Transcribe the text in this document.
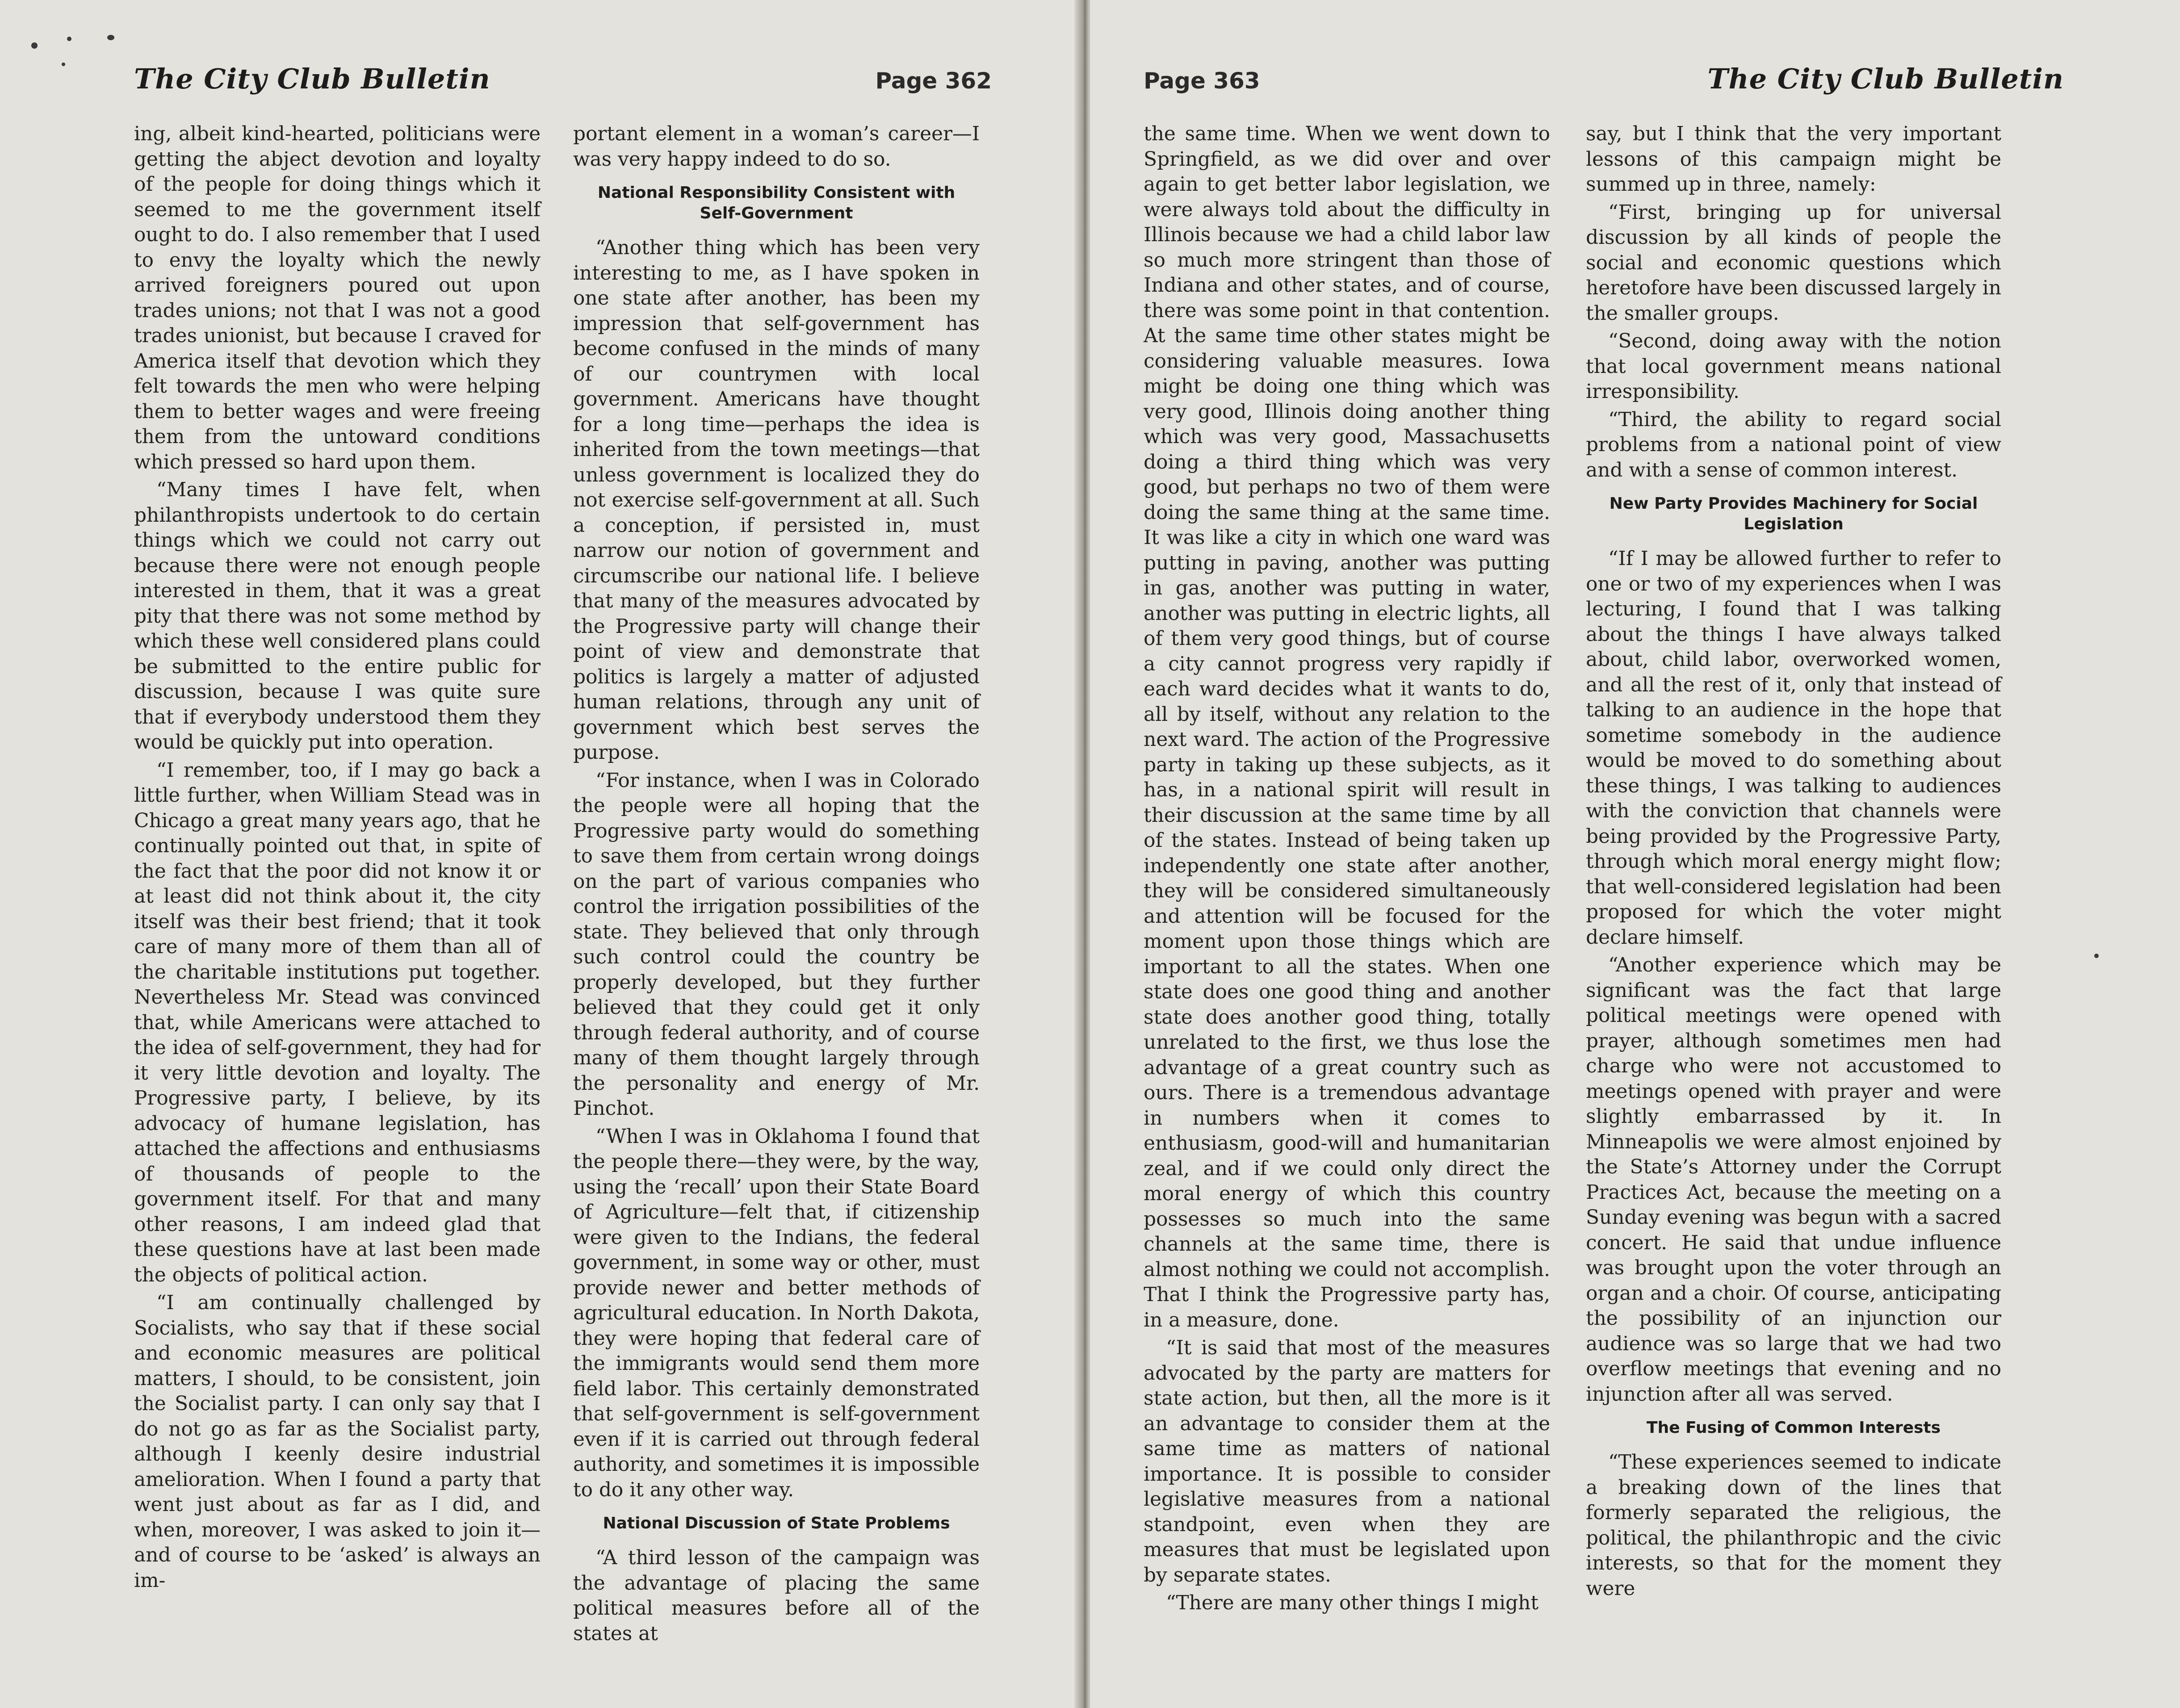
The City Club Bulletin	Page 362

ing, albeit kind-hearted, politicians were getting the abject devotion and loyalty of the people for doing things which it seemed to me the government itself ought to do. I also remember that I used to envy the loyalty which the newly arrived foreigners poured out upon trades unions; not that I was not a good trades unionist, but because I craved for America itself that devotion which they felt towards the men who were helping them to better wages and were freeing them from the untoward conditions which pressed so hard upon them.

“Many times I have felt, when philanthropists undertook to do certain things which we could not carry out because there were not enough people interested in them, that it was a great pity that there was not some method by which these well considered plans could be submitted to the entire public for discussion, because I was quite sure that if everybody understood them they would be quickly put into operation.

“I remember, too, if I may go back a little further, when William Stead was in Chicago a great many years ago, that he continually pointed out that, in spite of the fact that the poor did not know it or at least did not think about it, the city itself was their best friend; that it took care of many more of them than all of the charitable institutions put together. Nevertheless Mr. Stead was convinced that, while Americans were attached to the idea of self-government, they had for it very little devotion and loyalty. The Progressive party, I believe, by its advocacy of humane legislation, has attached the affections and enthusiasms of thousands of people to the government itself. For that and many other reasons, I am indeed glad that these questions have at last been made the objects of political action.

“I am continually challenged by Socialists, who say that if these social and economic measures are political matters, I should, to be consistent, join the Socialist party. I can only say that I do not go as far as the Socialist party, although I keenly desire industrial amelioration. When I found a party that went just about as far as I did, and when, moreover, I was asked to join it—and of course to be ‘asked’ is always an im-

portant element in a woman’s career—I was very happy indeed to do so.

National Responsibility Consistent with Self-Government

“Another thing which has been very interesting to me, as I have spoken in one state after another, has been my impression that self-government has become confused in the minds of many of our countrymen with local government. Americans have thought for a long time—perhaps the idea is inherited from the town meetings—that unless government is localized they do not exercise self-government at all. Such a conception, if persisted in, must narrow our notion of government and circumscribe our national life. I believe that many of the measures advocated by the Progressive party will change their point of view and demonstrate that politics is largely a matter of adjusted human relations, through any unit of government which best serves the purpose.

“For instance, when I was in Colorado the people were all hoping that the Progressive party would do something to save them from certain wrong doings on the part of various companies who control the irrigation possibilities of the state. They believed that only through such control could the country be properly developed, but they further believed that they could get it only through federal authority, and of course many of them thought largely through the personality and energy of Mr. Pinchot.

“When I was in Oklahoma I found that the people there—they were, by the way, using the ‘recall’ upon their State Board of Agriculture—felt that, if citizenship were given to the Indians, the federal government, in some way or other, must provide newer and better methods of agricultural education. In North Dakota, they were hoping that federal care of the immigrants would send them more field labor. This certainly demonstrated that self-government is self-government even if it is carried out through federal authority, and sometimes it is impossible to do it any other way.

National Discussion of State Problems

“A third lesson of the campaign was the advantage of placing the same political measures before all of the states at

Page 363	The City Club Bulletin

the same time. When we went down to Springfield, as we did over and over again to get better labor legislation, we were always told about the difficulty in Illinois because we had a child labor law so much more stringent than those of Indiana and other states, and of course, there was some point in that contention. At the same time other states might be considering valuable measures. Iowa might be doing one thing which was very good, Illinois doing another thing which was very good, Massachusetts doing a third thing which was very good, but perhaps no two of them were doing the same thing at the same time. It was like a city in which one ward was putting in paving, another was putting in gas, another was putting in water, another was putting in electric lights, all of them very good things, but of course a city cannot progress very rapidly if each ward decides what it wants to do, all by itself, without any relation to the next ward. The action of the Progressive party in taking up these subjects, as it has, in a national spirit will result in their discussion at the same time by all of the states. Instead of being taken up independently one state after another, they will be considered simultaneously and attention will be focused for the moment upon those things which are important to all the states. When one state does one good thing and another state does another good thing, totally unrelated to the first, we thus lose the advantage of a great country such as ours. There is a tremendous advantage in numbers when it comes to enthusiasm, good-will and humanitarian zeal, and if we could only direct the moral energy of which this country possesses so much into the same channels at the same time, there is almost nothing we could not accomplish. That I think the Progressive party has, in a measure, done.

“It is said that most of the measures advocated by the party are matters for state action, but then, all the more is it an advantage to consider them at the same time as matters of national importance. It is possible to consider legislative measures from a national standpoint, even when they are measures that must be legislated upon by separate states.

“There are many other things I might

say, but I think that the very important lessons of this campaign might be summed up in three, namely:

“First, bringing up for universal discussion by all kinds of people the social and economic questions which heretofore have been discussed largely in the smaller groups.

“Second, doing away with the notion that local government means national irresponsibility.

“Third, the ability to regard social problems from a national point of view and with a sense of common interest.

New Party Provides Machinery for Social Legislation

“If I may be allowed further to refer to one or two of my experiences when I was lecturing, I found that I was talking about the things I have always talked about, child labor, overworked women, and all the rest of it, only that instead of talking to an audience in the hope that sometime somebody in the audience would be moved to do something about these things, I was talking to audiences with the conviction that channels were being provided by the Progressive Party, through which moral energy might flow; that well-considered legislation had been proposed for which the voter might declare himself.

“Another experience which may be significant was the fact that large political meetings were opened with prayer, although sometimes men had charge who were not accustomed to meetings opened with prayer and were slightly embarrassed by it. In Minneapolis we were almost enjoined by the State’s Attorney under the Corrupt Practices Act, because the meeting on a Sunday evening was begun with a sacred concert. He said that undue influence was brought upon the voter through an organ and a choir. Of course, anticipating the possibility of an injunction our audience was so large that we had two overflow meetings that evening and no injunction after all was served.

The Fusing of Common Interests

“These experiences seemed to indicate a breaking down of the lines that formerly separated the religious, the political, the philanthropic and the civic interests, so that for the moment they were
